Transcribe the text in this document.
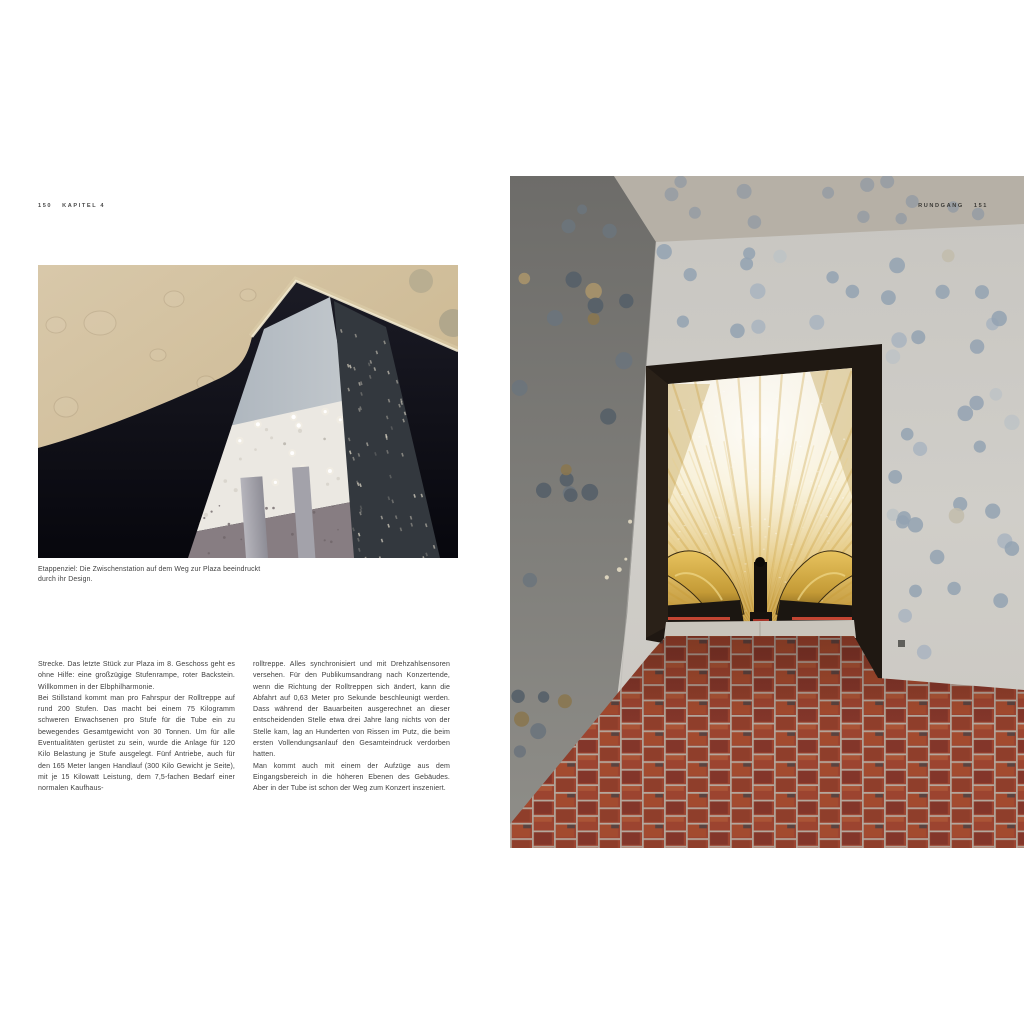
150 KAPITEL 4
Etappenziel: Die Zwischenstation auf dem Weg zur Plaza beeindruckt durch ihr Design.

Strecke. Das letzte Stück zur Plaza im 8. Geschoss geht es ohne Hilfe: eine großzügige Stufenrampe, roter Backstein. Willkommen in der Elbphilharmonie.

Bei Stillstand kommt man pro Fahrspur der Rolltreppe auf rund 200 Stufen. Das macht bei einem 75 Kilogramm schweren Erwachsenen pro Stufe für die Tube ein zu bewegendes Gesamtgewicht von 30 Tonnen. Um für alle Eventualitäten gerüstet zu sein, wurde die Anlage für 120 Kilo Belastung je Stufe ausgelegt. Fünf Antriebe, auch für den 165 Meter langen Handlauf (300 Kilo Gewicht je Seite), mit je 15 Kilowatt Leistung, dem 7,5-fachen Bedarf einer normalen Kaufhaus-

rolltreppe. Alles synchronisiert und mit Drehzahlsensoren versehen. Für den Publikumsandrang nach Konzertende, wenn die Richtung der Rolltreppen sich ändert, kann die Abfahrt auf 0,63 Meter pro Sekunde beschleunigt werden. Dass während der Bauarbeiten ausgerechnet an dieser entscheidenden Stelle etwa drei Jahre lang nichts von der Stelle kam, lag an Hunderten von Rissen im Putz, die beim ersten Vollendungsanlauf den Gesamteindruck verdorben hatten.

Man kommt auch mit einem der Aufzüge aus dem Eingangsbereich in die höheren Ebenen des Gebäudes. Aber in der Tube ist schon der Weg zum Konzert inszeniert.

RUNDGANG 151
